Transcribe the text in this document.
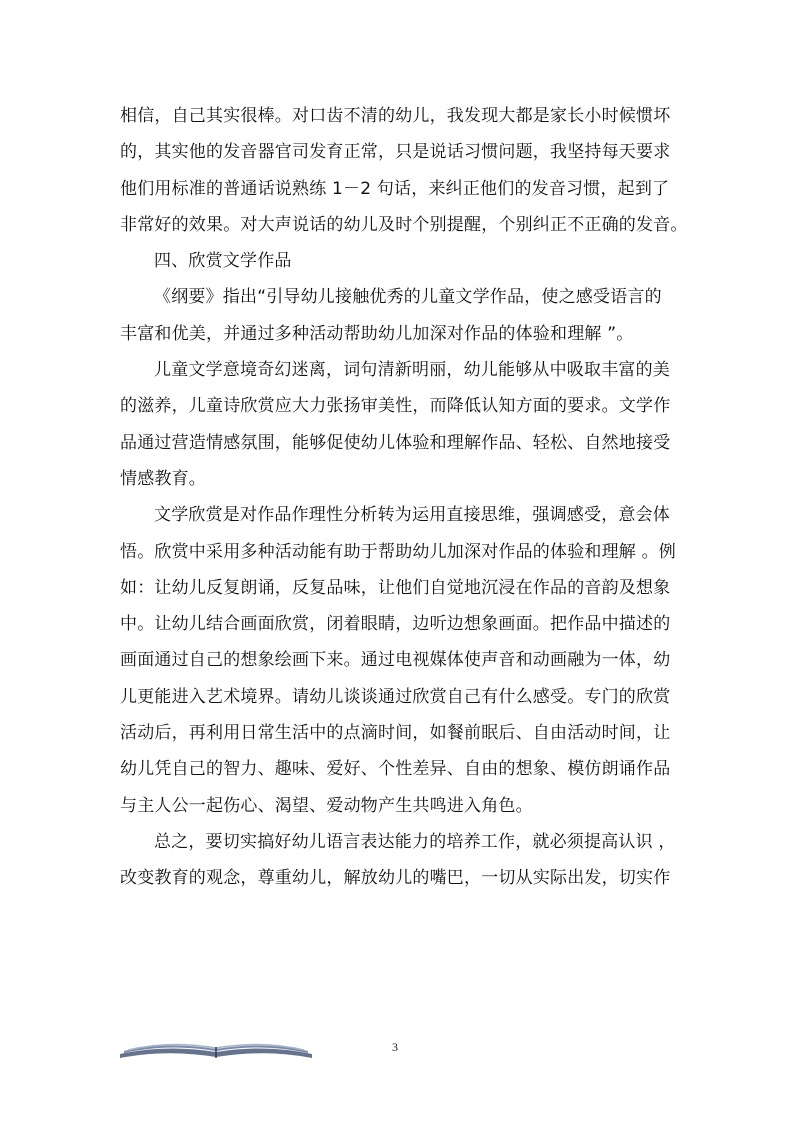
相信，自己其实很棒。对口齿不清的幼儿，我发现大都是家长小时候惯坏
的，其实他的发音器官司发育正常，只是说话习惯问题，我坚持每天要求
他们用标准的普通话说熟练 1－2 句话，来纠正他们的发音习惯，起到了
非常好的效果。对大声说话的幼儿及时个别提醒，个别纠正不正确的发音。
四、欣赏文学作品
《纲要》指出“引导幼儿接触优秀的儿童文学作品，使之感受语言的
丰富和优美，并通过多种活动帮助幼儿加深对作品的体验和理解 ”。
儿童文学意境奇幻迷离，词句清新明丽，幼儿能够从中吸取丰富的美
的滋养，儿童诗欣赏应大力张扬审美性，而降低认知方面的要求。文学作
品通过营造情感氛围，能够促使幼儿体验和理解作品、轻松、自然地接受
情感教育。
文学欣赏是对作品作理性分析转为运用直接思维，强调感受，意会体
悟。欣赏中采用多种活动能有助于帮助幼儿加深对作品的体验和理解 。例
如：让幼儿反复朗诵，反复品味，让他们自觉地沉浸在作品的音韵及想象
中。让幼儿结合画面欣赏，闭着眼睛，边听边想象画面。把作品中描述的
画面通过自己的想象绘画下来。通过电视媒体使声音和动画融为一体，幼
儿更能进入艺术境界。请幼儿谈谈通过欣赏自己有什么感受。专门的欣赏
活动后，再利用日常生活中的点滴时间，如餐前眠后、自由活动时间，让
幼儿凭自己的智力、趣味、爱好、个性差异、自由的想象、模仿朗诵作品
与主人公一起伤心、渴望、爱动物产生共鸣进入角色。
总之，要切实搞好幼儿语言表达能力的培养工作，就必须提高认识 ，
改变教育的观念，尊重幼儿，解放幼儿的嘴巴，一切从实际出发，切实作
3
